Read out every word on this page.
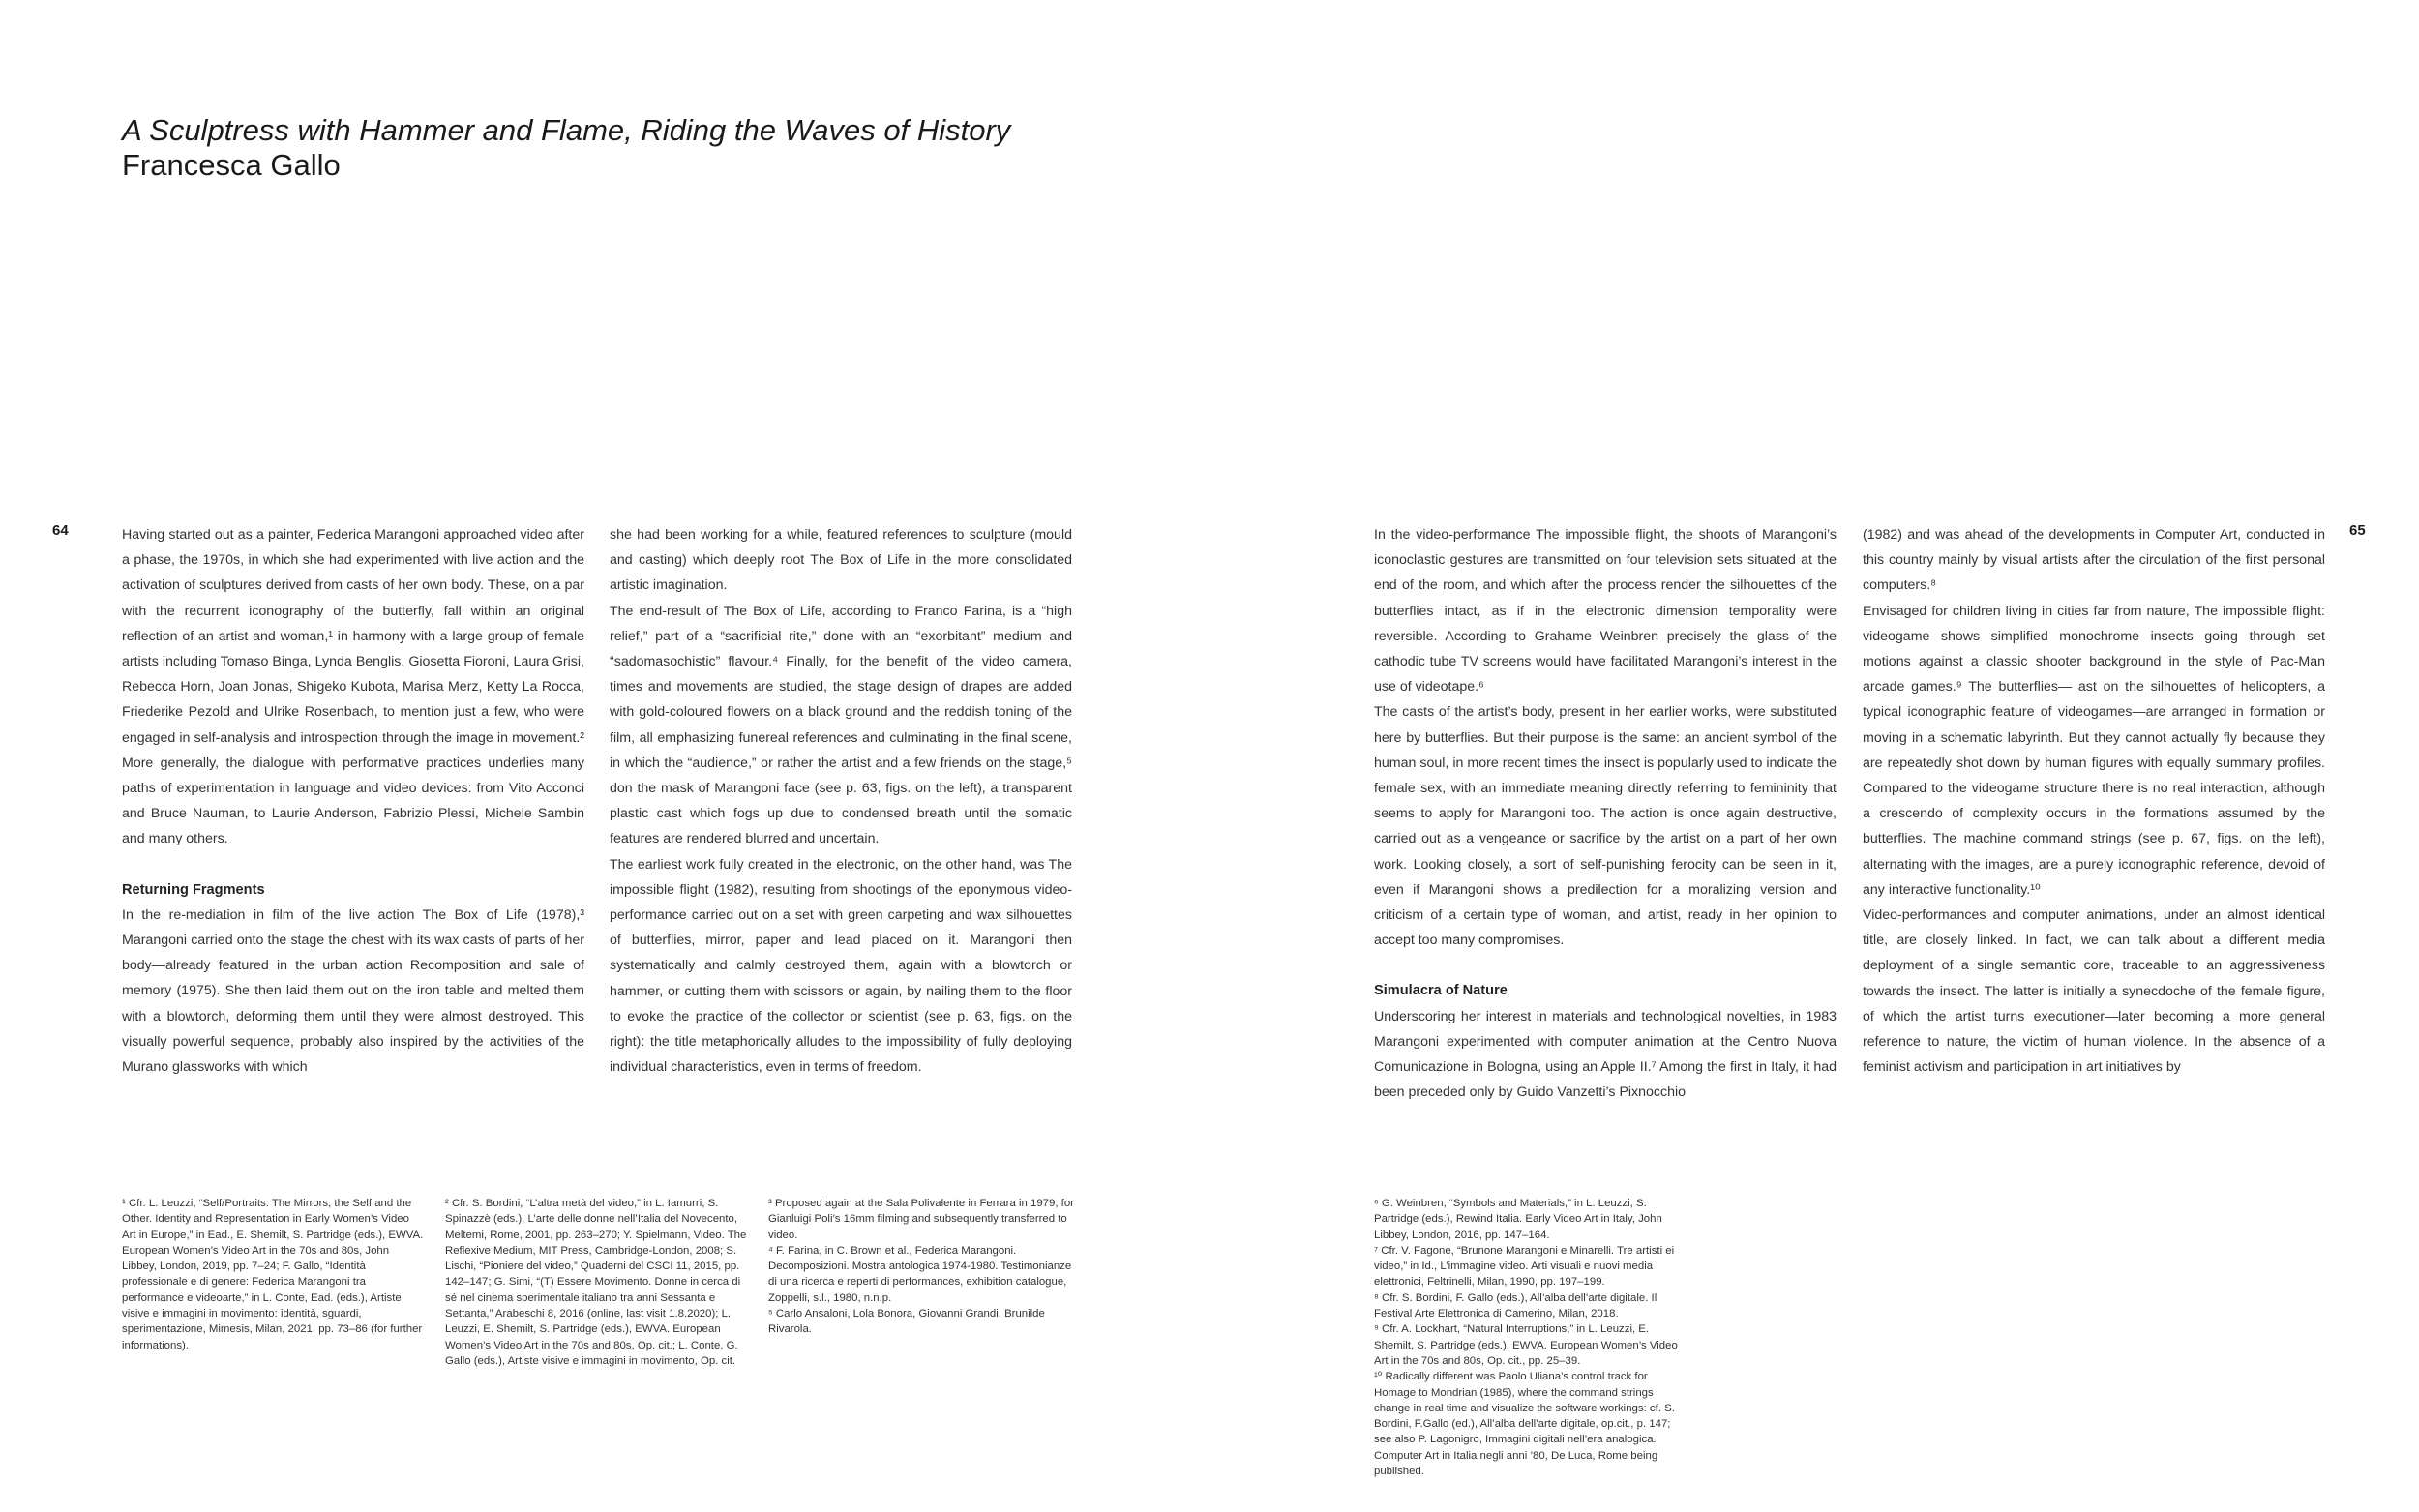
A Sculptress with Hammer and Flame, Riding the Waves of History
Francesca Gallo
64	65

Having started out as a painter, Federica Marangoni approached video after a phase, the 1970s, in which she had experimented with live action and the activation of sculptures derived from casts of her own body. These, on a par with the recurrent iconography of the butterfly, fall within an original reflection of an artist and woman,¹ in harmony with a large group of female artists including Tomaso Binga, Lynda Benglis, Giosetta Fioroni, Laura Grisi, Rebecca Horn, Joan Jonas, Shigeko Kubota, Marisa Merz, Ketty La Rocca, Friederike Pezold and Ulrike Rosenbach, to mention just a few, who were engaged in self-analysis and introspection through the image in movement.² More generally, the dialogue with performative practices underlies many paths of experimentation in language and video devices: from Vito Acconci and Bruce Nauman, to Laurie Anderson, Fabrizio Plessi, Michele Sambin and many others.

Returning Fragments

In the re-mediation in film of the live action The Box of Life (1978),³ Marangoni carried onto the stage the chest with its wax casts of parts of her body—already featured in the urban action Recomposition and sale of memory (1975). She then laid them out on the iron table and melted them with a blowtorch, deforming them until they were almost destroyed. This visually powerful sequence, probably also inspired by the activities of the Murano glassworks with which

she had been working for a while, featured references to sculpture (mould and casting) which deeply root The Box of Life in the more consolidated artistic imagination.

The end-result of The Box of Life, according to Franco Farina, is a “high relief,” part of a “sacrificial rite,” done with an “exorbitant” medium and “sadomasochistic” flavour.⁴ Finally, for the benefit of the video camera, times and movements are studied, the stage design of drapes are added with gold-coloured flowers on a black ground and the reddish toning of the film, all emphasizing funereal references and culminating in the final scene, in which the “audience,” or rather the artist and a few friends on the stage,⁵ don the mask of Marangoni face (see p. 63, figs. on the left), a transparent plastic cast which fogs up due to condensed breath until the somatic features are rendered blurred and uncertain.

The earliest work fully created in the electronic, on the other hand, was The impossible flight (1982), resulting from shootings of the eponymous video-performance carried out on a set with green carpeting and wax silhouettes of butterflies, mirror, paper and lead placed on it. Marangoni then systematically and calmly destroyed them, again with a blowtorch or hammer, or cutting them with scissors or again, by nailing them to the floor to evoke the practice of the collector or scientist (see p. 63, figs. on the right): the title metaphorically alludes to the impossibility of fully deploying individual characteristics, even in terms of freedom.

In the video-performance The impossible flight, the shoots of Marangoni’s iconoclastic gestures are transmitted on four television sets situated at the end of the room, and which after the process render the silhouettes of the butterflies intact, as if in the electronic dimension temporality were reversible. According to Grahame Weinbren precisely the glass of the cathodic tube TV screens would have facilitated Marangoni’s interest in the use of videotape.⁶

The casts of the artist’s body, present in her earlier works, were substituted here by butterflies. But their purpose is the same: an ancient symbol of the human soul, in more recent times the insect is popularly used to indicate the female sex, with an immediate meaning directly referring to femininity that seems to apply for Marangoni too. The action is once again destructive, carried out as a vengeance or sacrifice by the artist on a part of her own work. Looking closely, a sort of self-punishing ferocity can be seen in it, even if Marangoni shows a predilection for a moralizing version and criticism of a certain type of woman, and artist, ready in her opinion to accept too many compromises.

Simulacra of Nature

Underscoring her interest in materials and technological novelties, in 1983 Marangoni experimented with computer animation at the Centro Nuova Comunicazione in Bologna, using an Apple II.⁷ Among the first in Italy, it had been preceded only by Guido Vanzetti’s Pixnocchio

(1982) and was ahead of the developments in Computer Art, conducted in this country mainly by visual artists after the circulation of the first personal computers.⁸

Envisaged for children living in cities far from nature, The impossible flight: videogame shows simplified monochrome insects going through set motions against a classic shooter background in the style of Pac-Man arcade games.⁹ The butterflies— ast on the silhouettes of helicopters, a typical iconographic feature of videogames—are arranged in formation or moving in a schematic labyrinth. But they cannot actually fly because they are repeatedly shot down by human figures with equally summary profiles. Compared to the videogame structure there is no real interaction, although a crescendo of complexity occurs in the formations assumed by the butterflies. The machine command strings (see p. 67, figs. on the left), alternating with the images, are a purely iconographic reference, devoid of any interactive functionality.¹⁰

Video-performances and computer animations, under an almost identical title, are closely linked. In fact, we can talk about a different media deployment of a single semantic core, traceable to an aggressiveness towards the insect. The latter is initially a synecdoche of the female figure, of which the artist turns executioner—later becoming a more general reference to nature, the victim of human violence. In the absence of a feminist activism and participation in art initiatives by

¹ Cfr. L. Leuzzi, “Self/Portraits: The Mirrors, the Self and the Other. Identity and Representation in Early Women’s Video Art in Europe,” in Ead., E. Shemilt, S. Partridge (eds.), EWVA. European Women’s Video Art in the 70s and 80s, John Libbey, London, 2019, pp. 7–24; F. Gallo, “Identità professionale e di genere: Federica Marangoni tra performance e videoarte,” in L. Conte, Ead. (eds.), Artiste visive e immagini in movimento: identità, sguardi, sperimentazione, Mimesis, Milan, 2021, pp. 73–86 (for further informations).

² Cfr. S. Bordini, “L’altra metà del video,” in L. Iamurri, S. Spinazzè (eds.), L’arte delle donne nell’Italia del Novecento, Meltemi, Rome, 2001, pp. 263–270; Y. Spielmann, Video. The Reflexive Medium, MIT Press, Cambridge-London, 2008; S. Lischi, “Pioniere del video,” Quaderni del CSCI 11, 2015, pp. 142–147; G. Simi, “(T) Essere Movimento. Donne in cerca di sé nel cinema sperimentale italiano tra anni Sessanta e Settanta,” Arabeschi 8, 2016 (online, last visit 1.8.2020); L. Leuzzi, E. Shemilt, S. Partridge (eds.), EWVA. European Women’s Video Art in the 70s and 80s, Op. cit.; L. Conte, G. Gallo (eds.), Artiste visive e immagini in movimento, Op. cit.

³ Proposed again at the Sala Polivalente in Ferrara in 1979, for Gianluigi Poli’s 16mm filming and subsequently transferred to video.

⁴ F. Farina, in C. Brown et al., Federica Marangoni. Decomposizioni. Mostra antologica 1974-1980. Testimonianze di una ricerca e reperti di performances, exhibition catalogue, Zoppelli, s.l., 1980, n.n.p.

⁵ Carlo Ansaloni, Lola Bonora, Giovanni Grandi, Brunilde Rivarola.

⁶ G. Weinbren, “Symbols and Materials,” in L. Leuzzi, S. Partridge (eds.), Rewind Italia. Early Video Art in Italy, John Libbey, London, 2016, pp. 147–164.

⁷ Cfr. V. Fagone, “Brunone Marangoni e Minarelli. Tre artisti ei video,” in Id., L’immagine video. Arti visuali e nuovi media elettronici, Feltrinelli, Milan, 1990, pp. 197–199.

⁸ Cfr. S. Bordini, F. Gallo (eds.), All’alba dell’arte digitale. Il Festival Arte Elettronica di Camerino, Milan, 2018.

⁹ Cfr. A. Lockhart, “Natural Interruptions,” in L. Leuzzi, E. Shemilt, S. Partridge (eds.), EWVA. European Women’s Video Art in the 70s and 80s, Op. cit., pp. 25–39.

¹⁰ Radically different was Paolo Uliana’s control track for Homage to Mondrian (1985), where the command strings change in real time and visualize the software workings: cf. S. Bordini, F.Gallo (ed.), All’alba dell’arte digitale, op.cit., p. 147; see also P. Lagonigro, Immagini digitali nell’era analogica. Computer Art in Italia negli anni ’80, De Luca, Rome being published.
